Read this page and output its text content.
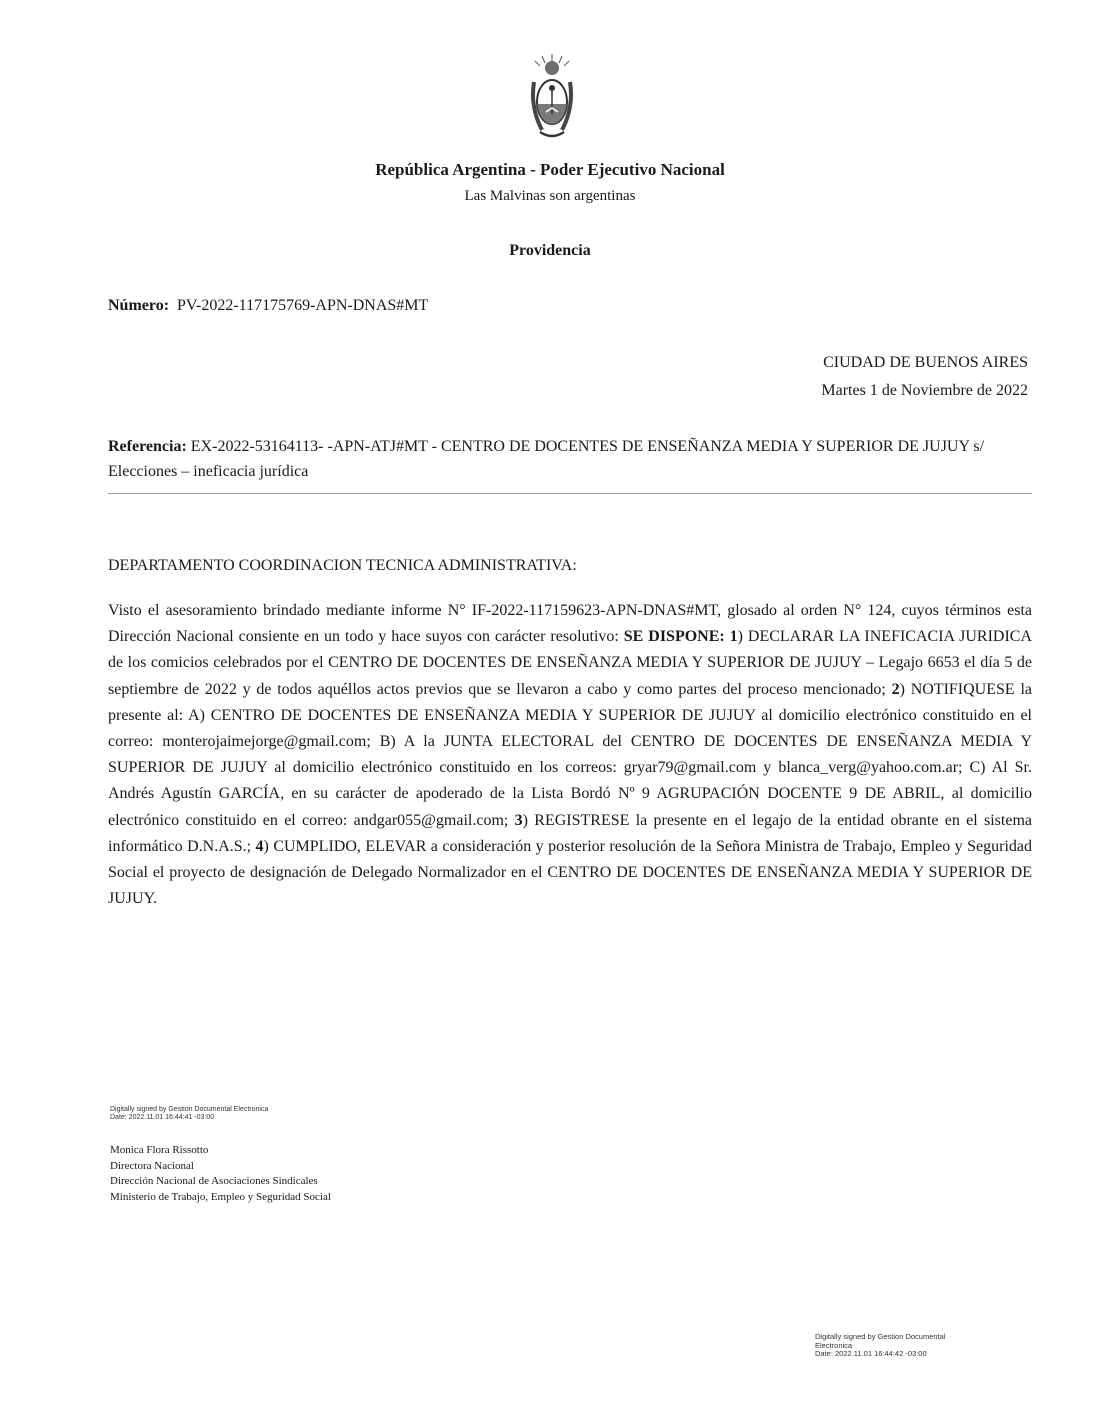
República Argentina - Poder Ejecutivo Nacional
Las Malvinas son argentinas
Providencia
Número: PV-2022-117175769-APN-DNAS#MT
CIUDAD DE BUENOS AIRES
Martes 1 de Noviembre de 2022
Referencia: EX-2022-53164113- -APN-ATJ#MT - CENTRO DE DOCENTES DE ENSEÑANZA MEDIA Y SUPERIOR DE JUJUY s/ Elecciones – ineficacia jurídica
DEPARTAMENTO COORDINACION TECNICA ADMINISTRATIVA:
Visto el asesoramiento brindado mediante informe N° IF-2022-117159623-APN-DNAS#MT, glosado al orden N° 124, cuyos términos esta Dirección Nacional consiente en un todo y hace suyos con carácter resolutivo: SE DISPONE: 1) DECLARAR LA INEFICACIA JURIDICA de los comicios celebrados por el CENTRO DE DOCENTES DE ENSEÑANZA MEDIA Y SUPERIOR DE JUJUY – Legajo 6653 el día 5 de septiembre de 2022 y de todos aquéllos actos previos que se llevaron a cabo y como partes del proceso mencionado; 2) NOTIFIQUESE la presente al: A) CENTRO DE DOCENTES DE ENSEÑANZA MEDIA Y SUPERIOR DE JUJUY al domicilio electrónico constituido en el correo: monterojaimejorge@gmail.com; B) A la JUNTA ELECTORAL del CENTRO DE DOCENTES DE ENSEÑANZA MEDIA Y SUPERIOR DE JUJUY al domicilio electrónico constituido en los correos: gryar79@gmail.com y blanca_verg@yahoo.com.ar; C) Al Sr. Andrés Agustín GARCÍA, en su carácter de apoderado de la Lista Bordó Nº 9 AGRUPACIÓN DOCENTE 9 DE ABRIL, al domicilio electrónico constituido en el correo: andgar055@gmail.com; 3) REGISTRESE la presente en el legajo de la entidad obrante en el sistema informático D.N.A.S.; 4) CUMPLIDO, ELEVAR a consideración y posterior resolución de la Señora Ministra de Trabajo, Empleo y Seguridad Social el proyecto de designación de Delegado Normalizador en el CENTRO DE DOCENTES DE ENSEÑANZA MEDIA Y SUPERIOR DE JUJUY.
Digitally signed by Gestion Documental Electronica
Date: 2022.11.01 16:44:41 -03:00
Monica Flora Rissotto
Directora Nacional
Dirección Nacional de Asociaciones Sindicales
Ministerio de Trabajo, Empleo y Seguridad Social
Digitally signed by Gestion Documental
Electronica
Date: 2022.11.01 16:44:42 -03:00
